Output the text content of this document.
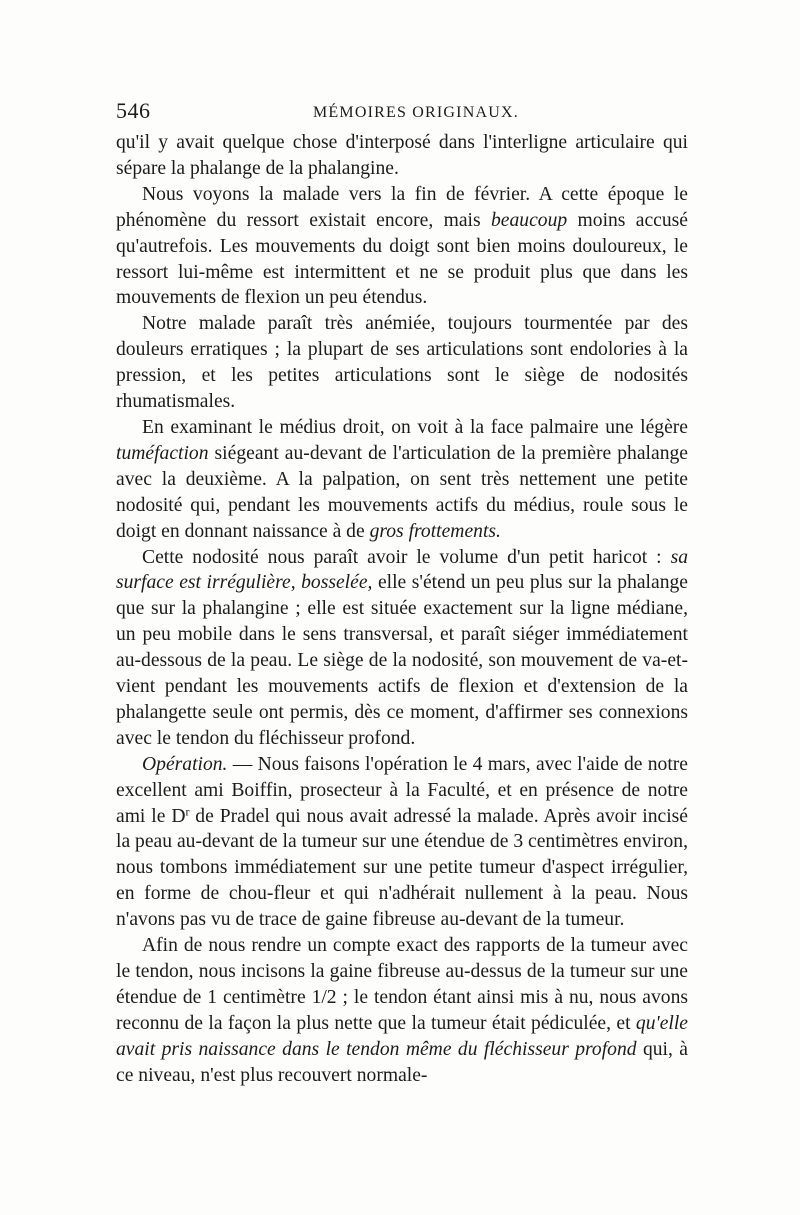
546	MÉMOIRES ORIGINAUX.

qu'il y avait quelque chose d'interposé dans l'interligne articulaire qui sépare la phalange de la phalangine.

Nous voyons la malade vers la fin de février. A cette époque le phénomène du ressort existait encore, mais beaucoup moins accusé qu'autrefois. Les mouvements du doigt sont bien moins douloureux, le ressort lui-même est intermittent et ne se produit plus que dans les mouvements de flexion un peu étendus.

Notre malade paraît très anémiée, toujours tourmentée par des douleurs erratiques ; la plupart de ses articulations sont endolories à la pression, et les petites articulations sont le siège de nodosités rhumatismales.

En examinant le médius droit, on voit à la face palmaire une légère tuméfaction siégeant au-devant de l'articulation de la première phalange avec la deuxième. A la palpation, on sent très nettement une petite nodosité qui, pendant les mouvements actifs du médius, roule sous le doigt en donnant naissance à de gros frottements.

Cette nodosité nous paraît avoir le volume d'un petit haricot : sa surface est irrégulière, bosselée, elle s'étend un peu plus sur la phalange que sur la phalangine ; elle est située exactement sur la ligne médiane, un peu mobile dans le sens transversal, et paraît siéger immédiatement au-dessous de la peau. Le siège de la nodosité, son mouvement de va-et-vient pendant les mouvements actifs de flexion et d'extension de la phalangette seule ont permis, dès ce moment, d'affirmer ses connexions avec le tendon du fléchisseur profond.

Opération. — Nous faisons l'opération le 4 mars, avec l'aide de notre excellent ami Boiffin, prosecteur à la Faculté, et en présence de notre ami le $D^r$ de Pradel qui nous avait adressé la malade. Après avoir incisé la peau au-devant de la tumeur sur une étendue de 3 centimètres environ, nous tombons immédiatement sur une petite tumeur d'aspect irrégulier, en forme de chou-fleur et qui n'adhérait nullement à la peau. Nous n'avons pas vu de trace de gaine fibreuse au-devant de la tumeur.

Afin de nous rendre un compte exact des rapports de la tumeur avec le tendon, nous incisons la gaine fibreuse au-dessus de la tumeur sur une étendue de 1 centimètre 1/2 ; le tendon étant ainsi mis à nu, nous avons reconnu de la façon la plus nette que la tumeur était pédiculée, et qu'elle avait pris naissance dans le tendon même du fléchisseur profond qui, à ce niveau, n'est plus recouvert normale-
